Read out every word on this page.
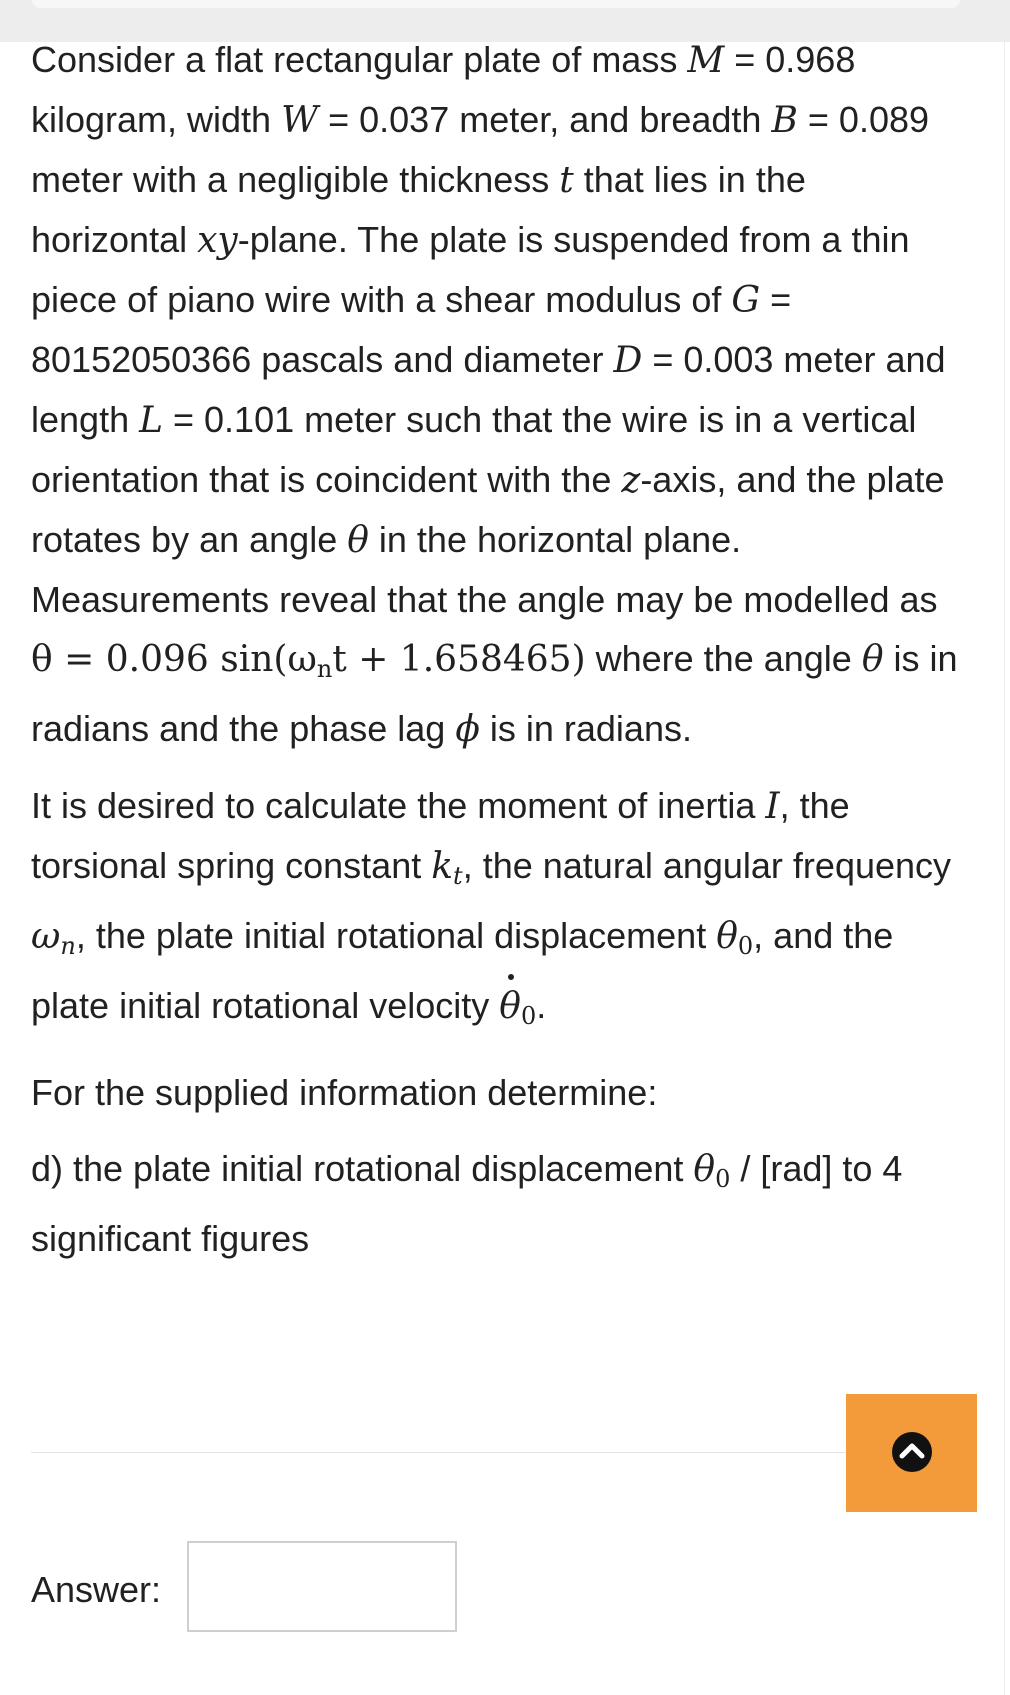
Consider a flat rectangular plate of mass M = 0.968 kilogram, width W = 0.037 meter, and breadth B = 0.089 meter with a negligible thickness t that lies in the horizontal xy-plane. The plate is suspended from a thin piece of piano wire with a shear modulus of G = 80152050366 pascals and diameter D = 0.003 meter and length L = 0.101 meter such that the wire is in a vertical orientation that is coincident with the z-axis, and the plate rotates by an angle θ in the horizontal plane. Measurements reveal that the angle may be modelled as θ = 0.096 $\sin(\omega_nt + 1.658465)$ where the angle θ is in radians and the phase lag ϕ is in radians.

It is desired to calculate the moment of inertia I, the torsional spring constant $k_t$, the natural angular frequency $\omega_n$, the plate initial rotational displacement $\theta_0$, and the plate initial rotational velocity $\theta_0$.

For the supplied information determine:

d) the plate initial rotational displacement $\theta_0 / [rad]$ to 4 significant figures

Answer:
